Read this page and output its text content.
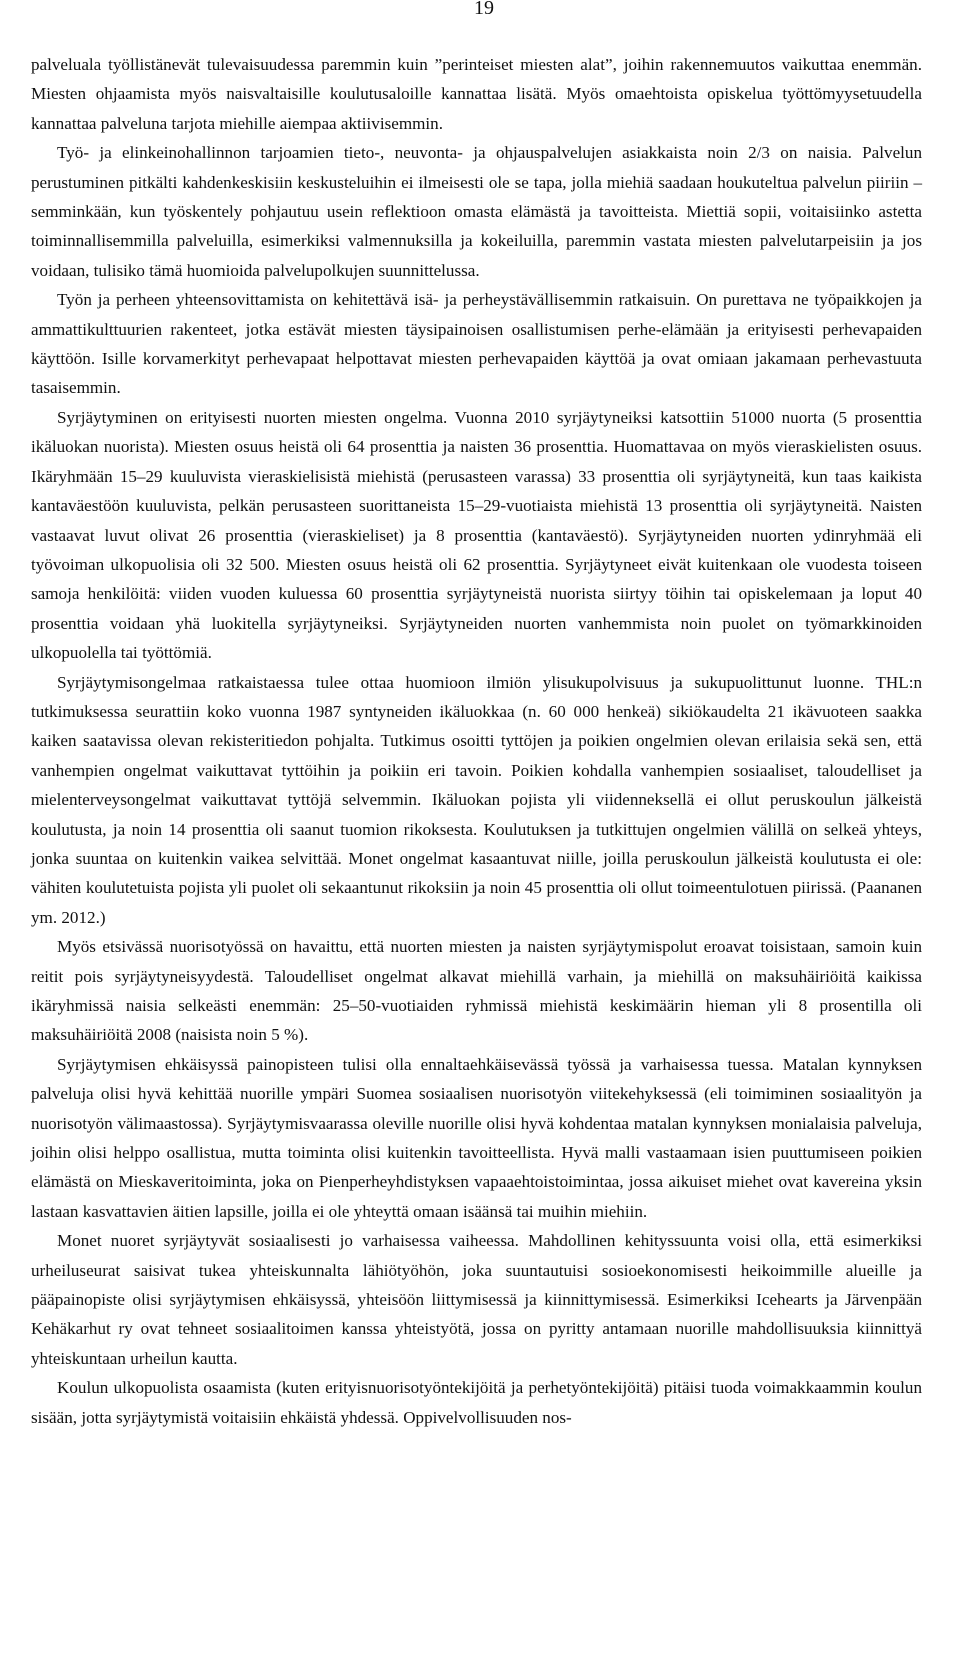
19

palveluala työllistänevät tulevaisuudessa paremmin kuin ”perinteiset miesten alat”, joihin rakennemuutos vaikuttaa enemmän. Miesten ohjaamista myös naisvaltaisille koulutusaloille kannattaa lisätä. Myös omaehtoista opiskelua työttömyysetuudella kannattaa palveluna tarjota miehille aiempaa aktiivisemmin.

Työ- ja elinkeinohallinnon tarjoamien tieto-, neuvonta- ja ohjauspalvelujen asiakkaista noin 2/3 on naisia. Palvelun perustuminen pitkälti kahdenkeskisiin keskusteluihin ei ilmeisesti ole se tapa, jolla miehiä saadaan houkuteltua palvelun piiriin – semminkään, kun työskentely pohjautuu usein reflektioon omasta elämästä ja tavoitteista. Miettiä sopii, voitaisiinko astetta toiminnallisemmilla palveluilla, esimerkiksi valmennuksilla ja kokeiluilla, paremmin vastata miesten palvelutarpeisiin ja jos voidaan, tulisiko tämä huomioida palvelupolkujen suunnittelussa.

Työn ja perheen yhteensovittamista on kehitettävä isä- ja perheystävällisemmin ratkaisuin. On purettava ne työpaikkojen ja ammattikulttuurien rakenteet, jotka estävät miesten täysipainoisen osallistumisen perhe-elämään ja erityisesti perhevapaiden käyttöön. Isille korvamerkityt perhevapaat helpottavat miesten perhevapaiden käyttöä ja ovat omiaan jakamaan perhevastuuta tasaisemmin.

Syrjäytyminen on erityisesti nuorten miesten ongelma. Vuonna 2010 syrjäytyneiksi katsottiin 51000 nuorta (5 prosenttia ikäluokan nuorista). Miesten osuus heistä oli 64 prosenttia ja naisten 36 prosenttia. Huomattavaa on myös vieraskielisten osuus. Ikäryhmään 15–29 kuuluvista vieraskielisistä miehistä (perusasteen varassa) 33 prosenttia oli syrjäytyneitä, kun taas kaikista kantaväestöön kuuluvista, pelkän perusasteen suorittaneista 15–29-vuotiaista miehistä 13 prosenttia oli syrjäytyneitä. Naisten vastaavat luvut olivat 26 prosenttia (vieraskieliset) ja 8 prosenttia (kantaväestö). Syrjäytyneiden nuorten ydinryhmää eli työvoiman ulkopuolisia oli 32 500. Miesten osuus heistä oli 62 prosenttia. Syrjäytyneet eivät kuitenkaan ole vuodesta toiseen samoja henkilöitä: viiden vuoden kuluessa 60 prosenttia syrjäytyneistä nuorista siirtyy töihin tai opiskelemaan ja loput 40 prosenttia voidaan yhä luokitella syrjäytyneiksi. Syrjäytyneiden nuorten vanhemmista noin puolet on työmarkkinoiden ulkopuolella tai työttömiä.

Syrjäytymisongelmaa ratkaistaessa tulee ottaa huomioon ilmiön ylisukupolvisuus ja sukupuolittunut luonne. THL:n tutkimuksessa seurattiin koko vuonna 1987 syntyneiden ikäluokkaa (n. 60 000 henkeä) sikiökaudelta 21 ikävuoteen saakka kaiken saatavissa olevan rekisteritiedon pohjalta. Tutkimus osoitti tyttöjen ja poikien ongelmien olevan erilaisia sekä sen, että vanhempien ongelmat vaikuttavat tyttöihin ja poikiin eri tavoin. Poikien kohdalla vanhempien sosiaaliset, taloudelliset ja mielenterveysongelmat vaikuttavat tyttöjä selvemmin. Ikäluokan pojista yli viidenneksellä ei ollut peruskoulun jälkeistä koulutusta, ja noin 14 prosenttia oli saanut tuomion rikoksesta. Koulutuksen ja tutkittujen ongelmien välillä on selkeä yhteys, jonka suuntaa on kuitenkin vaikea selvittää. Monet ongelmat kasaantuvat niille, joilla peruskoulun jälkeistä koulutusta ei ole: vähiten koulutetuista pojista yli puolet oli sekaantunut rikoksiin ja noin 45 prosenttia oli ollut toimeentulotuen piirissä. (Paananen ym. 2012.)

Myös etsivässä nuorisotyössä on havaittu, että nuorten miesten ja naisten syrjäytymispolut eroavat toisistaan, samoin kuin reitit pois syrjäytyneisyydestä. Taloudelliset ongelmat alkavat miehillä varhain, ja miehillä on maksuhäiriöitä kaikissa ikäryhmissä naisia selkeästi enemmän: 25–50-vuotiaiden ryhmissä miehistä keskimäärin hieman yli 8 prosentilla oli maksuhäiriöitä 2008 (naisista noin 5 %).

Syrjäytymisen ehkäisyssä painopisteen tulisi olla ennaltaehkäisevässä työssä ja varhaisessa tuessa. Matalan kynnyksen palveluja olisi hyvä kehittää nuorille ympäri Suomea sosiaalisen nuorisotyön viitekehyksessä (eli toimiminen sosiaalityön ja nuorisotyön välimaastossa). Syrjäytymisvaarassa oleville nuorille olisi hyvä kohdentaa matalan kynnyksen monialaisia palveluja, joihin olisi helppo osallistua, mutta toiminta olisi kuitenkin tavoitteellista. Hyvä malli vastaamaan isien puuttumiseen poikien elämästä on Mieskaveritoiminta, joka on Pienperheyhdistyksen vapaaehtoistoimintaa, jossa aikuiset miehet ovat kavereina yksin lastaan kasvattavien äitien lapsille, joilla ei ole yhteyttä omaan isäänsä tai muihin miehiin.

Monet nuoret syrjäytyvät sosiaalisesti jo varhaisessa vaiheessa. Mahdollinen kehityssuunta voisi olla, että esimerkiksi urheiluseurat saisivat tukea yhteiskunnalta lähiötyöhön, joka suuntautuisi sosioekonomisesti heikoimmille alueille ja pääpainopiste olisi syrjäytymisen ehkäisyssä, yhteisöön liittymisessä ja kiinnittymisessä. Esimerkiksi Icehearts ja Järvenpään Kehäkarhut ry ovat tehneet sosiaalitoimen kanssa yhteistyötä, jossa on pyritty antamaan nuorille mahdollisuuksia kiinnittyä yhteiskuntaan urheilun kautta.

Koulun ulkopuolista osaamista (kuten erityisnuorisotyöntekijöitä ja perhetyöntekijöitä) pitäisi tuoda voimakkaammin koulun sisään, jotta syrjäytymistä voitaisiin ehkäistä yhdessä. Oppivelvollisuuden nos-
